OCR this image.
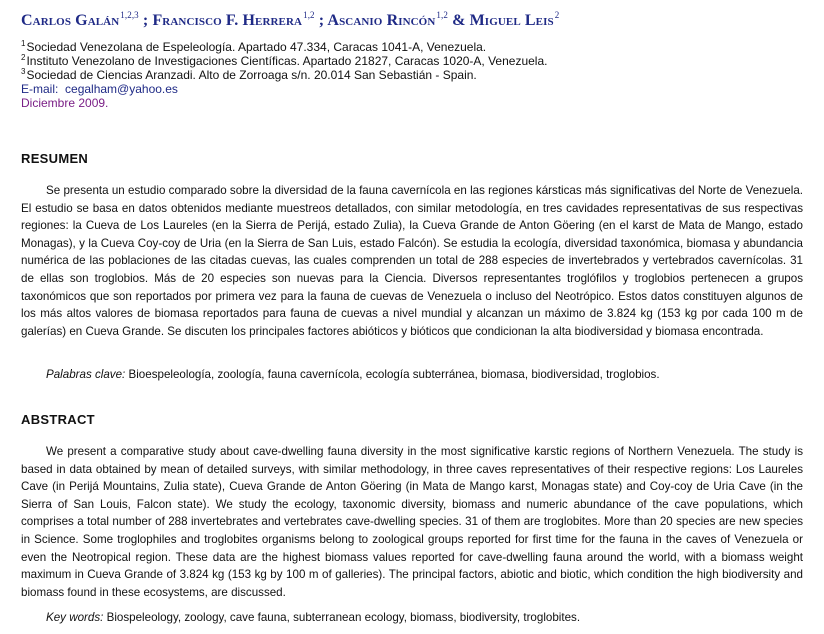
Carlos Galán$^{1,2,3}$ ; Francisco F. Herrera$^{1,2}$ ; Ascanio Rincón$^{1,2}$ & Miguel Leis$^2$
$^1$Sociedad Venezolana de Espeleología. Apartado 47.334, Caracas 1041-A, Venezuela.
$^2$Instituto Venezolano de Investigaciones Científicas. Apartado 21827, Caracas 1020-A, Venezuela.
$^3$Sociedad de Ciencias Aranzadi. Alto de Zorroaga s/n. 20.014 San Sebastián - Spain.
E-mail: cegalham@yahoo.es
Diciembre 2009.
RESUMEN

Se presenta un estudio comparado sobre la diversidad de la fauna cavernícola en las regiones kársticas más significativas del Norte de Venezuela. El estudio se basa en datos obtenidos mediante muestreos detallados, con similar metodología, en tres cavidades representativas de sus respectivas regiones: la Cueva de Los Laureles (en la Sierra de Perijá, estado Zulia), la Cueva Grande de Anton Göering (en el karst de Mata de Mango, estado Monagas), y la Cueva Coy-coy de Uria (en la Sierra de San Luis, estado Falcón). Se estudia la ecología, diversidad taxonómica, biomasa y abundancia numérica de las poblaciones de las citadas cuevas, las cuales comprenden un total de 288 especies de invertebrados y vertebrados cavernícolas. 31 de ellas son troglobios. Más de 20 especies son nuevas para la Ciencia. Diversos representantes troglófilos y troglobios pertenecen a grupos taxonómicos que son reportados por primera vez para la fauna de cuevas de Venezuela o incluso del Neotrópico. Estos datos constituyen algunos de los más altos valores de biomasa reportados para fauna de cuevas a nivel mundial y alcanzan un máximo de 3.824 kg (153 kg por cada 100 m de galerías) en Cueva Grande. Se discuten los principales factores abióticos y bióticos que condicionan la alta biodiversidad y biomasa encontrada.

Palabras clave: Bioespeleología, zoología, fauna cavernícola, ecología subterránea, biomasa, biodiversidad, troglobios.
ABSTRACT

We present a comparative study about cave-dwelling fauna diversity in the most significative karstic regions of Northern Venezuela. The study is based in data obtained by mean of detailed surveys, with similar methodology, in three caves representatives of their respective regions: Los Laureles Cave (in Perijá Mountains, Zulia state), Cueva Grande de Anton Göering (in Mata de Mango karst, Monagas state) and Coy-coy de Uria Cave (in the Sierra of San Louis, Falcon state). We study the ecology, taxonomic diversity, biomass and numeric abundance of the cave populations, which comprises a total number of 288 invertebrates and vertebrates cave-dwelling species. 31 of them are troglobites. More than 20 species are new species in Science. Some troglophiles and troglobites organisms belong to zoological groups reported for first time for the fauna in the caves of Venezuela or even the Neotropical region. These data are the highest biomass values reported for cave-dwelling fauna around the world, with a biomass weight maximum in Cueva Grande of 3.824 kg (153 kg by 100 m of galleries). The principal factors, abiotic and biotic, which condition the high biodiversity and biomass found in these ecosystems, are discussed.

Key words: Biospeleology, zoology, cave fauna, subterranean ecology, biomass, biodiversity, troglobites.
